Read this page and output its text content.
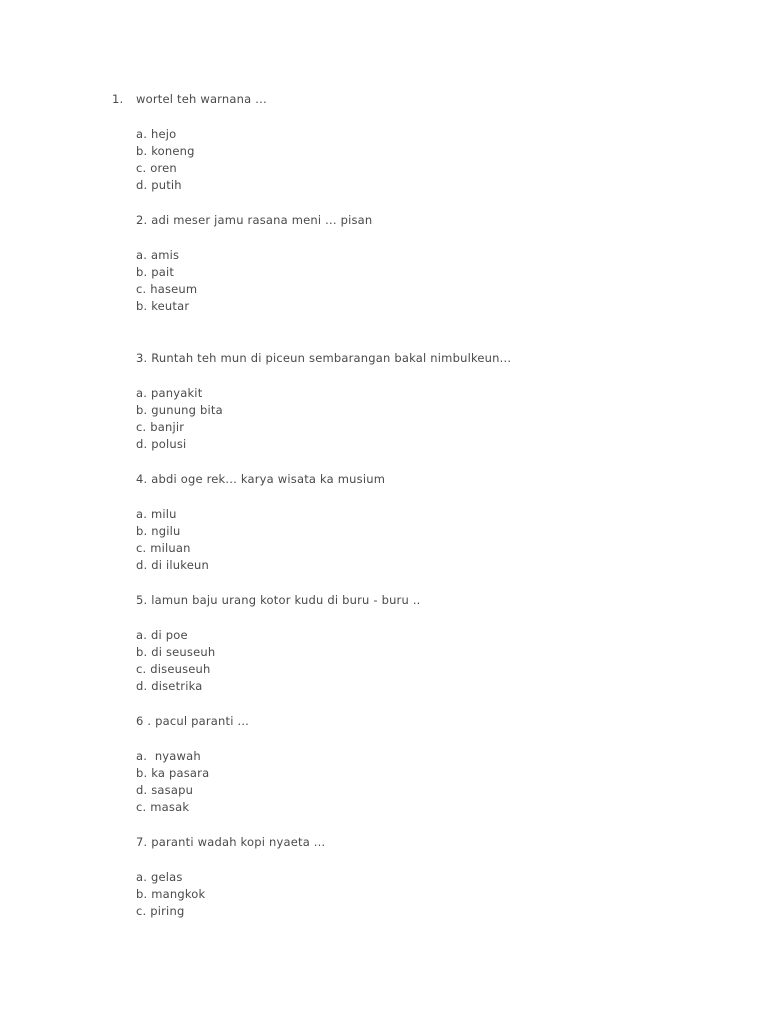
1. wortel teh warnana ...
a. hejo
b. koneng
c. oren
d. putih
2. adi meser jamu rasana meni ... pisan
a. amis
b. pait
c. haseum
b. keutar
3. Runtah teh mun di piceun sembarangan bakal nimbulkeun...
a. panyakit
b. gunung bita
c. banjir
d. polusi
4. abdi oge rek... karya wisata ka musium
a. milu
b. ngilu
c. miluan
d. di ilukeun
5. lamun baju urang kotor kudu di buru - buru ..
a. di poe
b. di seuseuh
c. diseuseuh
d. disetrika
6 . pacul paranti ...
a.  nyawah
b. ka pasara
d. sasapu
c. masak
7. paranti wadah kopi nyaeta ...
a. gelas
b. mangkok
c. piring
